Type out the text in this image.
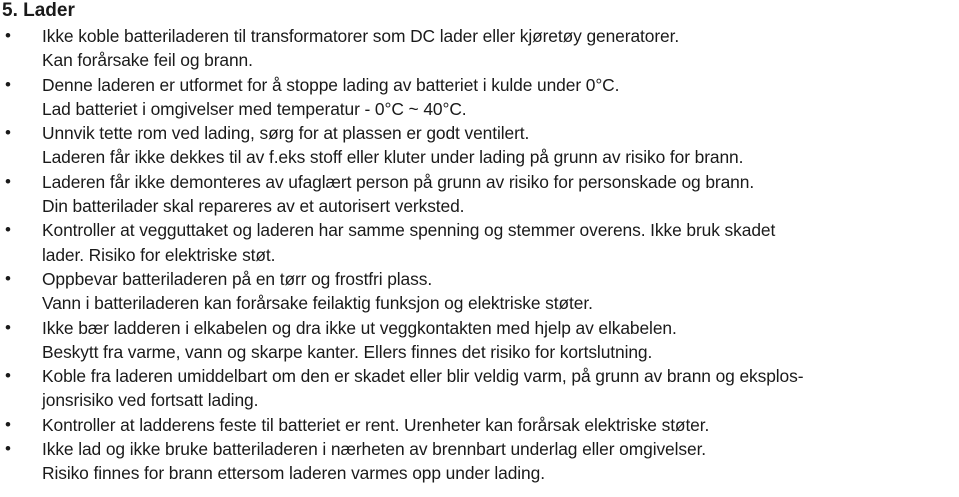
5. Lader
•	Ikke koble batteriladeren til transformatorer som DC lader eller kjøretøy generatorer.
Kan forårsake feil og brann.
•	Denne laderen er utformet for å stoppe lading av batteriet i kulde under 0°C.
Lad batteriet i omgivelser med temperatur - 0°C ~ 40°C.
•	Unnvik tette rom ved lading, sørg for at plassen er godt ventilert.
Laderen får ikke dekkes til av f.eks stoff eller kluter under lading på grunn av risiko for brann.
•	Laderen får ikke demonteres av ufaglært person på grunn av risiko for personskade og brann.
Din batterilader skal repareres av et autorisert verksted.
•	Kontroller at vegguttaket og laderen har samme spenning og stemmer overens. Ikke bruk skadet
lader. Risiko for elektriske støt.
•	Oppbevar batteriladeren på en tørr og frostfri plass.
Vann i batteriladeren kan forårsake feilaktig funksjon og elektriske støter.
•	Ikke bær ladderen i elkabelen og dra ikke ut veggkontakten med hjelp av elkabelen.
Beskytt fra varme, vann og skarpe kanter. Ellers finnes det risiko for kortslutning.
•	Koble fra laderen umiddelbart om den er skadet eller blir veldig varm, på grunn av brann og eksplos-
jonsrisiko ved fortsatt lading.
•	Kontroller at ladderens feste til batteriet er rent. Urenheter kan forårsak elektriske støter.
•	Ikke lad og ikke bruke batteriladeren i nærheten av brennbart underlag eller omgivelser.
Risiko finnes for brann ettersom laderen varmes opp under lading.
